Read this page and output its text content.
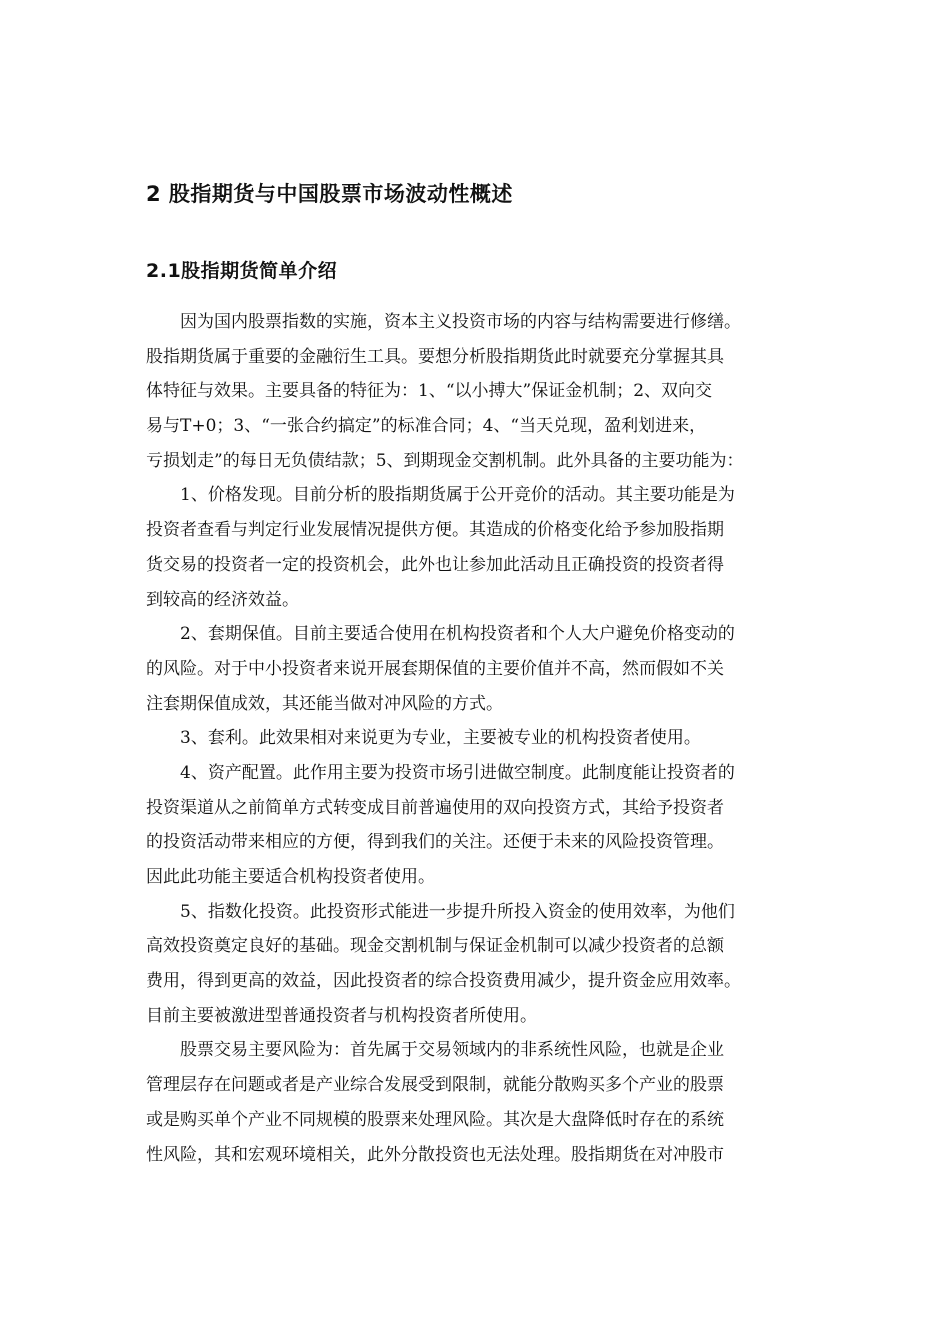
2 股指期货与中国股票市场波动性概述
2.1股指期货简单介绍
因为国内股票指数的实施，资本主义投资市场的内容与结构需要进行修缮。
股指期货属于重要的金融衍生工具。要想分析股指期货此时就要充分掌握其具
体特征与效果。主要具备的特征为：1、“以小搏大”保证金机制；2、双向交
易与T+0；3、“一张合约搞定”的标准合同；4、“当天兑现，盈利划进来，
亏损划走”的每日无负债结款；5、到期现金交割机制。此外具备的主要功能为：
1、价格发现。目前分析的股指期货属于公开竞价的活动。其主要功能是为
投资者查看与判定行业发展情况提供方便。其造成的价格变化给予参加股指期
货交易的投资者一定的投资机会，此外也让参加此活动且正确投资的投资者得
到较高的经济效益。
2、套期保值。目前主要适合使用在机构投资者和个人大户避免价格变动的
的风险。对于中小投资者来说开展套期保值的主要价值并不高，然而假如不关
注套期保值成效，其还能当做对冲风险的方式。
3、套利。此效果相对来说更为专业，主要被专业的机构投资者使用。
4、资产配置。此作用主要为投资市场引进做空制度。此制度能让投资者的
投资渠道从之前简单方式转变成目前普遍使用的双向投资方式，其给予投资者
的投资活动带来相应的方便，得到我们的关注。还便于未来的风险投资管理。
因此此功能主要适合机构投资者使用。
5、指数化投资。此投资形式能进一步提升所投入资金的使用效率，为他们
高效投资奠定良好的基础。现金交割机制与保证金机制可以减少投资者的总额
费用，得到更高的效益，因此投资者的综合投资费用减少，提升资金应用效率。
目前主要被激进型普通投资者与机构投资者所使用。
股票交易主要风险为：首先属于交易领域内的非系统性风险，也就是企业
管理层存在问题或者是产业综合发展受到限制，就能分散购买多个产业的股票
或是购买单个产业不同规模的股票来处理风险。其次是大盘降低时存在的系统
性风险，其和宏观环境相关，此外分散投资也无法处理。股指期货在对冲股市
